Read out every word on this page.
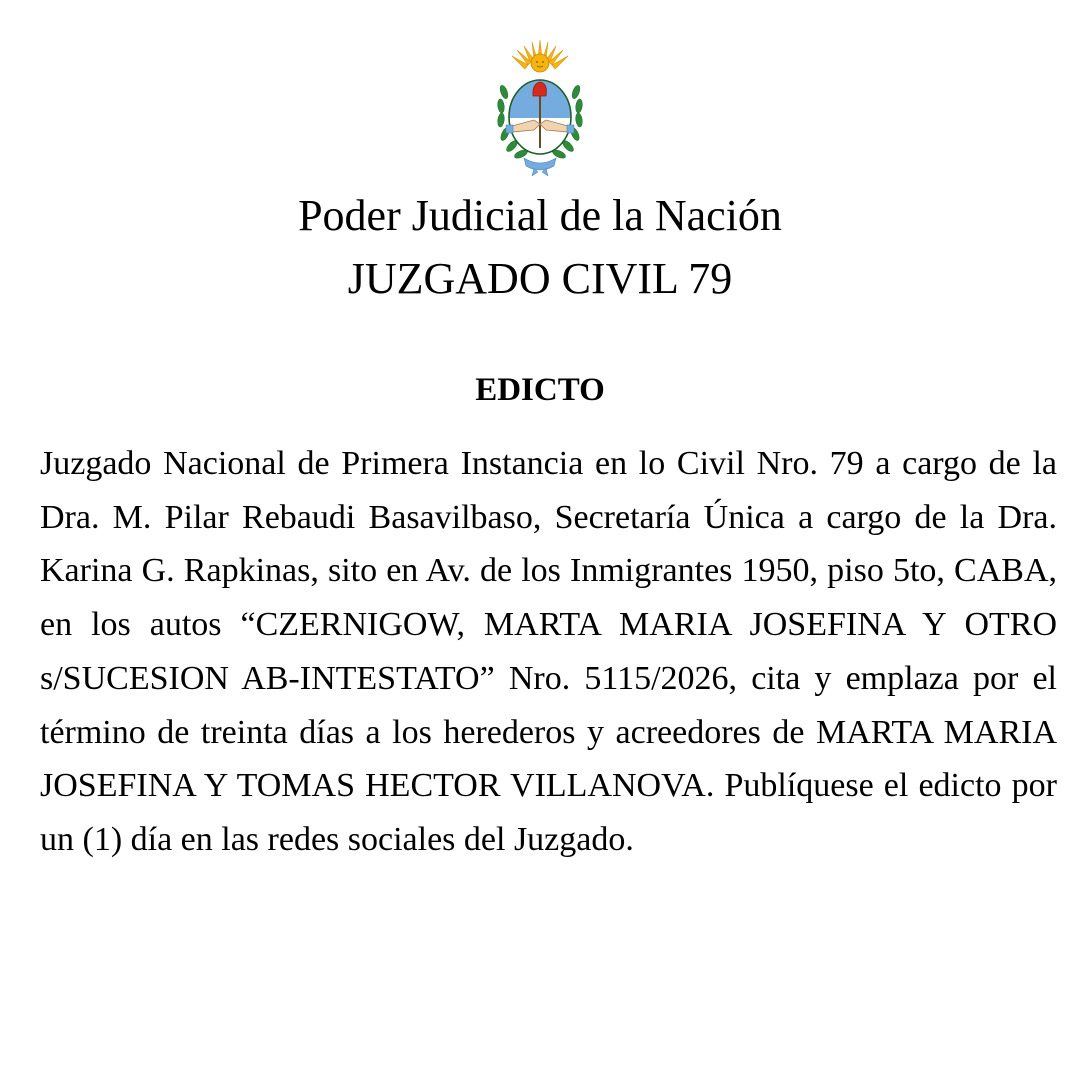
Poder Judicial de la Nación
JUZGADO CIVIL 79
EDICTO

Juzgado Nacional de Primera Instancia en lo Civil Nro. 79 a cargo de la Dra. M. Pilar Rebaudi Basavilbaso, Secretaría Única a cargo de la Dra. Karina G. Rapkinas, sito en Av. de los Inmigrantes 1950, piso 5to, CABA, en los autos “CZERNIGOW, MARTA MARIA JOSEFINA Y OTRO s/SUCESION AB-INTESTATO” Nro. 5115/2026, cita y emplaza por el término de treinta días a los herederos y acreedores de MARTA MARIA JOSEFINA Y TOMAS HECTOR VILLANOVA. Publíquese el edicto por un (1) día en las redes sociales del Juzgado.
